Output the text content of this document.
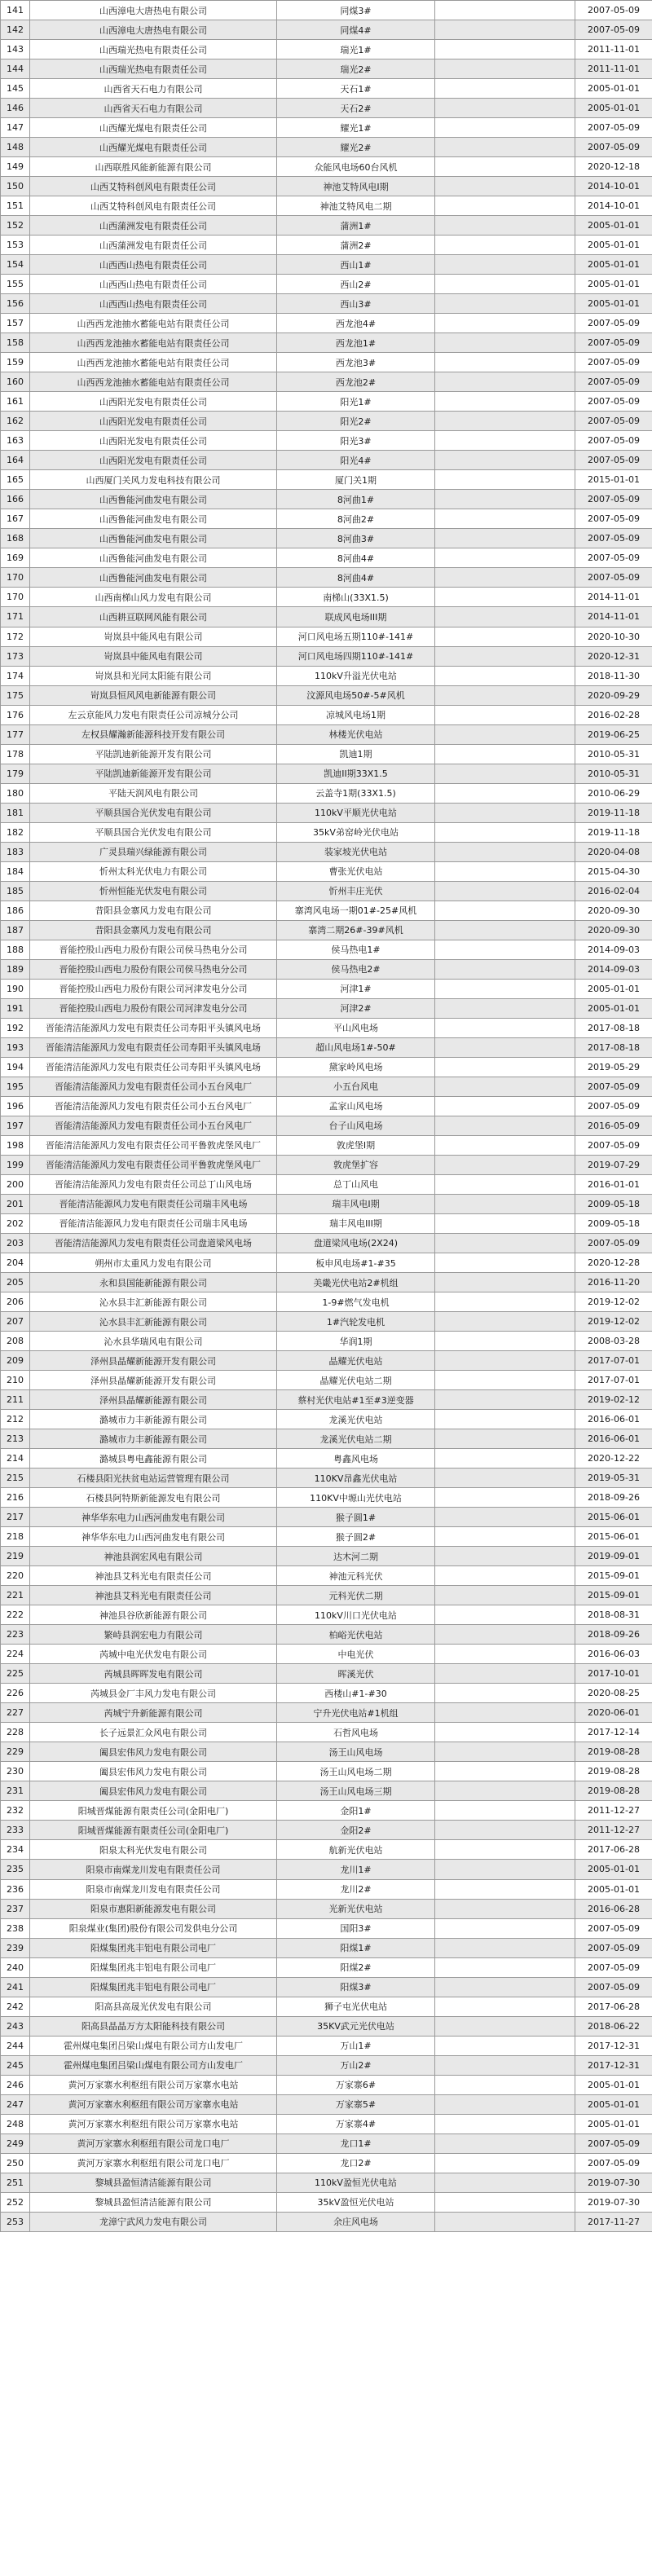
141	山西漳电大唐热电有限公司	同煤3#		2007-05-09
142	山西漳电大唐热电有限公司	同煤4#		2007-05-09
143	山西瑞光热电有限责任公司	瑞光1#		2011-11-01
144	山西瑞光热电有限责任公司	瑞光2#		2011-11-01
145	山西省天石电力有限公司	天石1#		2005-01-01
146	山西省天石电力有限公司	天石2#		2005-01-01
147	山西耀光煤电有限责任公司	耀光1#		2007-05-09
148	山西耀光煤电有限责任公司	耀光2#		2007-05-09
149	山西联胜风能新能源有限公司	众能风电场60台风机		2020-12-18
150	山西艾特科创风电有限责任公司	神池艾特风电I期		2014-10-01
151	山西艾特科创风电有限责任公司	神池艾特风电二期		2014-10-01
152	山西蒲洲发电有限责任公司	蒲洲1#		2005-01-01
153	山西蒲洲发电有限责任公司	蒲洲2#		2005-01-01
154	山西西山热电有限责任公司	西山1#		2005-01-01
155	山西西山热电有限责任公司	西山2#		2005-01-01
156	山西西山热电有限责任公司	西山3#		2005-01-01
157	山西西龙池抽水蓄能电站有限责任公司	西龙池4#		2007-05-09
158	山西西龙池抽水蓄能电站有限责任公司	西龙池1#		2007-05-09
159	山西西龙池抽水蓄能电站有限责任公司	西龙池3#		2007-05-09
160	山西西龙池抽水蓄能电站有限责任公司	西龙池2#		2007-05-09
161	山西阳光发电有限责任公司	阳光1#		2007-05-09
162	山西阳光发电有限责任公司	阳光2#		2007-05-09
163	山西阳光发电有限责任公司	阳光3#		2007-05-09
164	山西阳光发电有限责任公司	阳光4#		2007-05-09
165	山西厦门关风力发电科技有限公司	厦门关1期		2015-01-01
166	山西鲁能河曲发电有限公司	8河曲1#		2007-05-09
167	山西鲁能河曲发电有限公司	8河曲2#		2007-05-09
168	山西鲁能河曲发电有限公司	8河曲3#		2007-05-09
169	山西鲁能河曲发电有限公司	8河曲4#		2007-05-09
170	山西鲁能河曲发电有限公司	8河曲4#		2007-05-09
170	山西南梯山风力发电有限公司	南梯山(33X1.5)		2014-11-01
171	山西耕亘联网风能有限公司	联成风电场III期		2014-11-01
172	岢岚县中能风电有限公司	河口风电场五期110#-141#		2020-10-30
173	岢岚县中能风电有限公司	河口风电场四期110#-141#		2020-12-31
174	岢岚县和光同太阳能有限公司	110kV升溢光伏电站		2018-11-30
175	岢岚县恒风风电新能源有限公司	汶源风电场50#-5#风机		2020-09-29
176	左云京能风力发电有限责任公司凉城分公司	凉城风电场1期		2016-02-28
177	左权县耀瀚新能源科技开发有限公司	林楼光伏电站		2019-06-25
178	平陆凯迪新能源开发有限公司	凯迪1期		2010-05-31
179	平陆凯迪新能源开发有限公司	凯迪II期33X1.5		2010-05-31
180	平陆天润风电有限公司	云盖寺1期(33X1.5)		2010-06-29
181	平顺县国合光伏发电有限公司	110kV平顺光伏电站		2019-11-18
182	平顺县国合光伏发电有限公司	35kV弟窑岭光伏电站		2019-11-18
183	广灵县瑞兴绿能源有限公司	装家坡光伏电站		2020-04-08
184	忻州太科光伏电力有限公司	曹张光伏电站		2015-04-30
185	忻州恒能光伏发电有限公司	忻州丰庄光伏		2016-02-04
186	昔阳县金寨风力发电有限公司	寨湾风电场一期01#-25#风机		2020-09-30
187	昔阳县金寨风力发电有限公司	寨湾二期26#-39#风机		2020-09-30
188	晋能控股山西电力股份有限公司侯马热电分公司	侯马热电1#		2014-09-03
189	晋能控股山西电力股份有限公司侯马热电分公司	侯马热电2#		2014-09-03
190	晋能控股山西电力股份有限公司河津发电分公司	河津1#		2005-01-01
191	晋能控股山西电力股份有限公司河津发电分公司	河津2#		2005-01-01
192	晋能清洁能源风力发电有限责任公司寿阳平头镇风电场	平山风电场		2017-08-18
193	晋能清洁能源风力发电有限责任公司寿阳平头镇风电场	超山风电场1#-50#		2017-08-18
194	晋能清洁能源风力发电有限责任公司寿阳平头镇风电场	黛家岭风电场		2019-05-29
195	晋能清洁能源风力发电有限责任公司小五台风电厂	小五台风电		2007-05-09
196	晋能清洁能源风力发电有限责任公司小五台风电厂	孟家山风电场		2007-05-09
197	晋能清洁能源风力发电有限责任公司小五台风电厂	台子山风电场		2016-05-09
198	晋能清洁能源风力发电有限责任公司平鲁敦虎堡风电厂	敦虎堡I期		2007-05-09
199	晋能清洁能源风力发电有限责任公司平鲁敦虎堡风电厂	敦虎堡扩容		2019-07-29
200	晋能清洁能源风力发电有限责任公司总丁山风电场	总丁山风电		2016-01-01
201	晋能清洁能源风力发电有限责任公司瑞丰风电场	瑞丰风电I期		2009-05-18
202	晋能清洁能源风力发电有限责任公司瑞丰风电场	瑞丰风电III期		2009-05-18
203	晋能清洁能源风力发电有限责任公司盘道梁风电场	盘道梁风电场(2X24)		2007-05-09
204	朔州市太重风力发电有限公司	板申风电场#1-#35		2020-12-28
205	永和县国能新能源有限公司	美畿光伏电站2#机组		2016-11-20
206	沁水县丰汇新能源有限公司	1-9#燃气发电机		2019-12-02
207	沁水县丰汇新能源有限公司	1#汽轮发电机		2019-12-02
208	沁水县华瑞风电有限公司	华润1期		2008-03-28
209	泽州县晶耀新能源开发有限公司	晶耀光伏电站		2017-07-01
210	泽州县晶耀新能源开发有限公司	晶耀光伏电站二期		2017-07-01
211	泽州县晶耀新能源有限公司	蔡村光伏电站#1至#3逆变器		2019-02-12
212	潞城市力丰新能源有限公司	龙溪光伏电站		2016-06-01
213	潞城市力丰新能源有限公司	龙溪光伏电站二期		2016-06-01
214	潞城县粤电鑫能源有限公司	粤鑫风电场		2020-12-22
215	石楼县阳光扶贫电站运营管理有限公司	110KV昂鑫光伏电站		2019-05-31
216	石楼县阿特斯新能源发电有限公司	110KV中塬山光伏电站		2018-09-26
217	神华华东电力山西河曲发电有限公司	猴子圆1#		2015-06-01
218	神华华东电力山西河曲发电有限公司	猴子圆2#		2015-06-01
219	神池县润宏风电有限公司	达木河二期		2019-09-01
220	神池县艾科光电有限责任公司	神池元科光伏		2015-09-01
221	神池县艾科光电有限责任公司	元科光伏二期		2015-09-01
222	神池县谷欣新能源有限公司	110kV川口光伏电站		2018-08-31
223	繁峙县润宏电力有限公司	柏峪光伏电站		2018-09-26
224	芮城中电光伏发电有限公司	中电光伏		2016-06-03
225	芮城县晖晖发电有限公司	晖溪光伏		2017-10-01
226	芮城县金厂丰风力发电有限公司	西楼山#1-#30		2020-08-25
227	芮城宁升新能源有限公司	宁升光伏电站#1机组		2020-06-01
228	长子远景汇众风电有限公司	石哲风电场		2017-12-14
229	阖县宏伟风力发电有限公司	汤王山风电场		2019-08-28
230	阖县宏伟风力发电有限公司	汤王山风电场二期		2019-08-28
231	阖县宏伟风力发电有限公司	汤王山风电场三期		2019-08-28
232	阳城晋煤能源有限责任公司(金阳电厂)	金阳1#		2011-12-27
233	阳城晋煤能源有限责任公司(金阳电厂)	金阳2#		2011-12-27
234	阳泉太科光伏发电有限公司	航新光伏电站		2017-06-28
235	阳泉市南煤龙川发电有限责任公司	龙川1#		2005-01-01
236	阳泉市南煤龙川发电有限责任公司	龙川2#		2005-01-01
237	阳泉市惠阳新能源发电有限公司	光新光伏电站		2016-06-28
238	阳泉煤业(集团)股份有限公司发供电分公司	国阳3#		2007-05-09
239	阳煤集团兆丰铝电有限公司电厂	阳煤1#		2007-05-09
240	阳煤集团兆丰铝电有限公司电厂	阳煤2#		2007-05-09
241	阳煤集团兆丰铝电有限公司电厂	阳煤3#		2007-05-09
242	阳高县高晟光伏发电有限公司	狮子屯光伏电站		2017-06-28
243	阳高县晶晶万方太阳能科技有限公司	35KV武元光伏电站		2018-06-22
244	霍州煤电集团吕梁山煤电有限公司方山发电厂	万山1#		2017-12-31
245	霍州煤电集团吕梁山煤电有限公司方山发电厂	万山2#		2017-12-31
246	黄河万家寨水利枢纽有限公司万家寨水电站	万家寨6#		2005-01-01
247	黄河万家寨水利枢纽有限公司万家寨水电站	万家寨5#		2005-01-01
248	黄河万家寨水利枢纽有限公司万家寨水电站	万家寨4#		2005-01-01
249	黄河万家寨水利枢纽有限公司龙口电厂	龙口1#		2007-05-09
250	黄河万家寨水利枢纽有限公司龙口电厂	龙口2#		2007-05-09
251	黎城县盈恒清洁能源有限公司	110kV盈恒光伏电站		2019-07-30
252	黎城县盈恒清洁能源有限公司	35kV盈恒光伏电站		2019-07-30
253	龙漳宁武风力发电有限公司	余庄风电场		2017-11-27
